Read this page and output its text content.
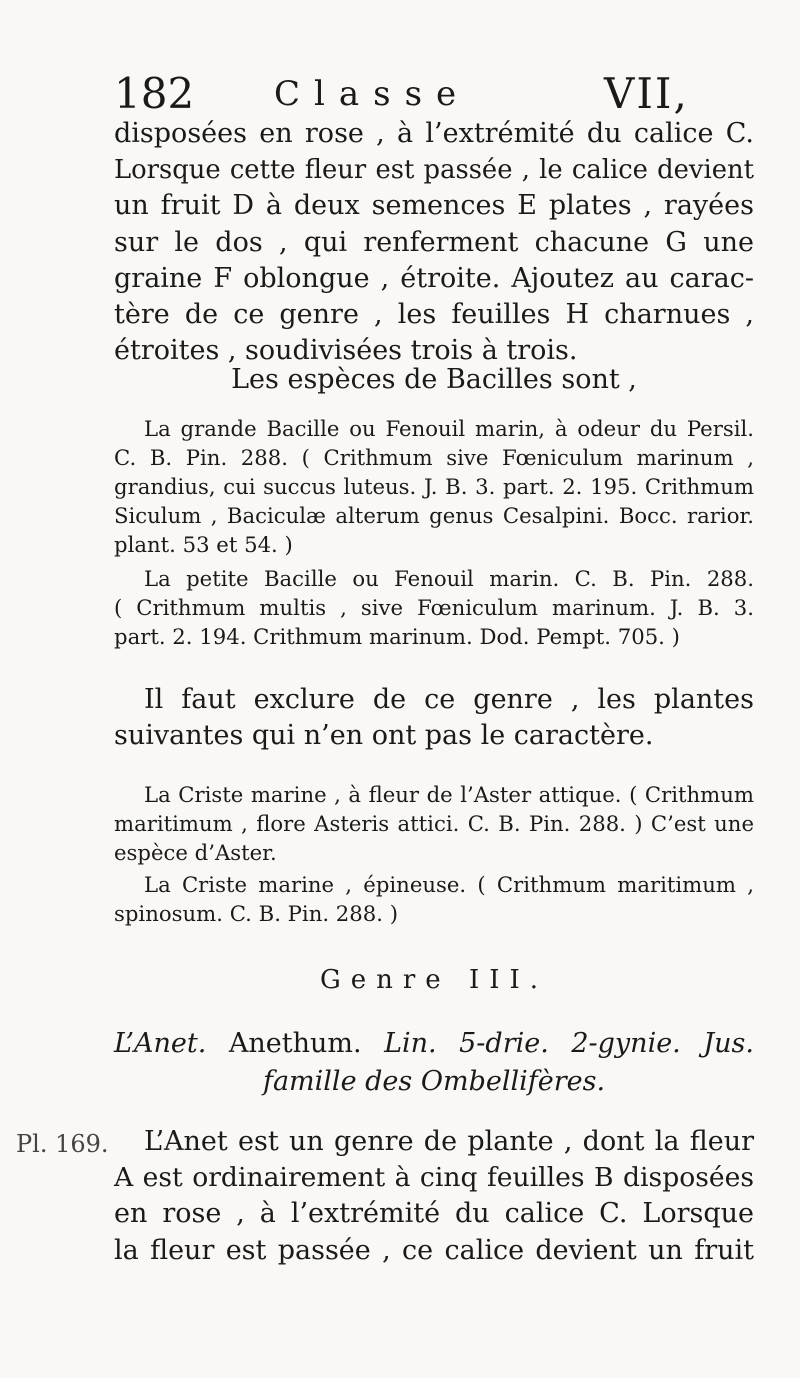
182 Classe	VII,
disposées en rose , à l’extrémité du calice C.
Lorsque cette fleur est passée , le calice devient
un fruit D à deux semences E plates , rayées
sur le dos , qui renferment chacune G une
graine F oblongue , étroite. Ajoutez au carac-
tère de ce genre , les feuilles H charnues ,
étroites , soudivisées trois à trois.
Les espèces de Bacilles sont ,
La grande Bacille ou Fenouil marin, à odeur du Persil.
C. B. Pin. 288. ( Crithmum sive Fœniculum marinum ,
grandius, cui succus luteus. J. B. 3. part. 2. 195. Crithmum
Siculum , Baciculæ alterum genus Cesalpini. Bocc. rarior.
plant. 53 et 54. )
La petite Bacille ou Fenouil marin. C. B. Pin. 288.
( Crithmum multis , sive Fœniculum marinum. J. B. 3.
part. 2. 194. Crithmum marinum. Dod. Pempt. 705. )
Il faut exclure de ce genre , les plantes
suivantes qui n’en ont pas le caractère.
La Criste marine , à fleur de l’Aster attique. ( Crithmum
maritimum , flore Asteris attici. C. B. Pin. 288. ) C’est une
espèce d’Aster.
La Criste marine , épineuse. ( Crithmum maritimum ,
spinosum. C. B. Pin. 288. )
Genre III.
L’Anet. Anethum. Lin. 5-drie. 2-gynie. Jus.
famille des Ombellifères.
Pl. 169.	L’Anet est un genre de plante , dont la fleur
A est ordinairement à cinq feuilles B disposées
en rose , à l’extrémité du calice C. Lorsque
la fleur est passée , ce calice devient un fruit
